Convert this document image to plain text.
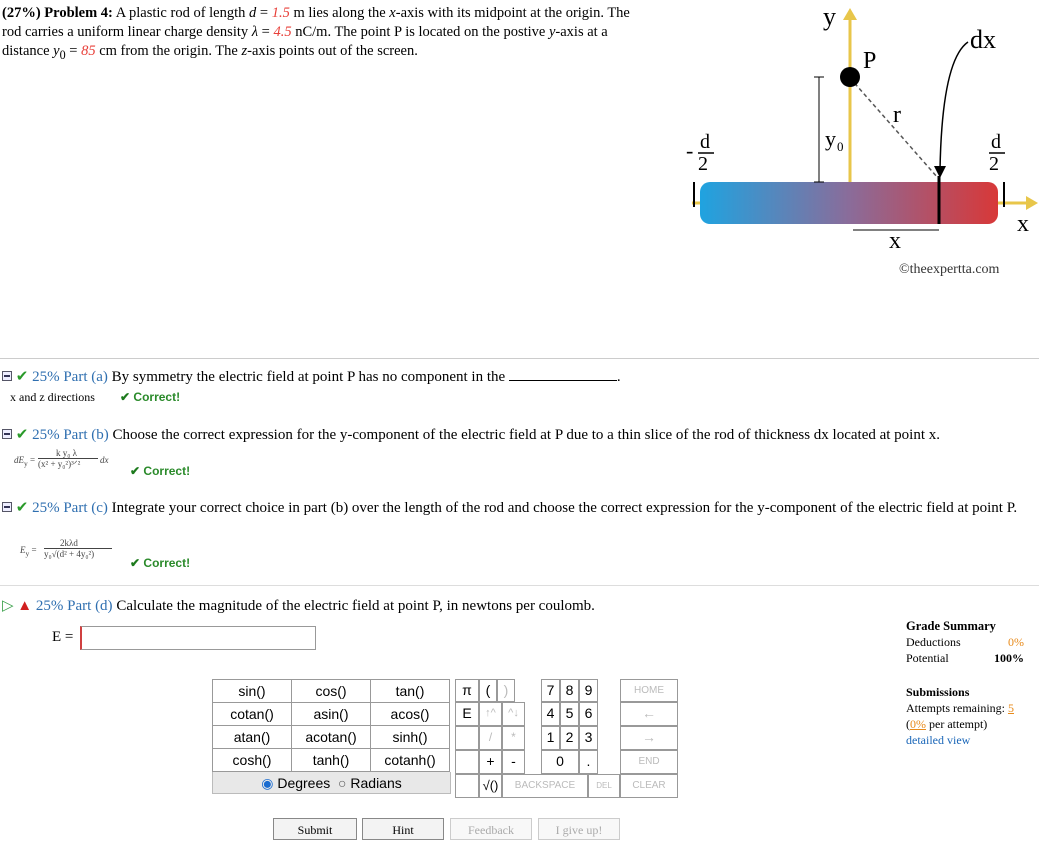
(27%) Problem 4: A plastic rod of length d = 1.5 m lies along the x-axis with its midpoint at the origin. The rod carries a uniform linear charge density λ = 4.5 nC/m. The point P is located on the postive y-axis at a distance $y_0 = 85$ cm from the origin. The z-axis points out of the screen.
y
P
dx
r
y 0
- d
2
d
2
x
x
©theexpertta.com
✔ 25% Part (a) By symmetry the electric field at point P has no component in the	.
x and z directions ✔ Correct!
✔ 25% Part (b) Choose the correct expression for the y-component of the electric field at P due to a thin slice of the rod of thickness dx located at point x.
$dE_y$ =
k y₀ λ
(x² + y₀²)³ᐟ² dx
✔ Correct!
✔ 25% Part (c) Integrate your correct choice in part (b) over the length of the rod and choose the correct expression for the y-component of the electric field at point P.
$E_y$ =
2kλd
y₀√(d² + 4y₀²)
✔ Correct!
▷ ▲ 25% Part (d) Calculate the magnitude of the electric field at point P, in newtons per coulomb.
E =
sin()	cos()	tan()
cotan()	asin()	acos()
atan()	acotan()	sinh()
cosh()	tanh()	cotanh()
◉ Degrees ○ Radians
π ( )	7 8 9	HOME
E	↑^	^↓	4 5 6	←
/	*	1 2 3	→
+	-	0	.	END
√()	BACKSPACE	DEL	CLEAR
Submit	Hint	Feedback	I give up!
Grade Summary
Deductions	0%
Potential	100%
Submissions
Attempts remaining: 5
(0% per attempt)
detailed view
